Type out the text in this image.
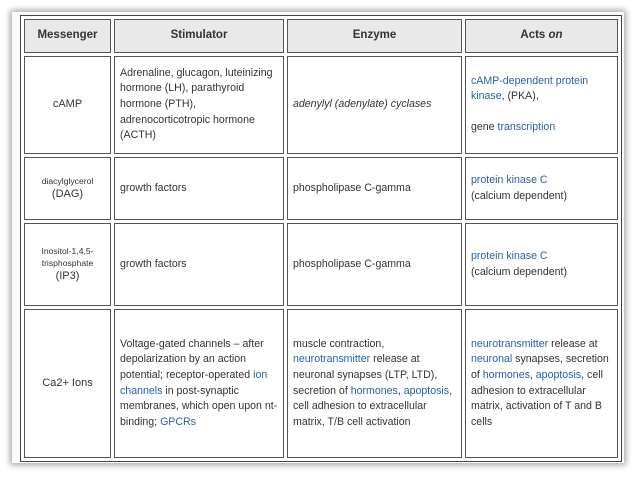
Messenger	Stimulator	Enzyme	Acts on

cAMP	Adrenaline, glucagon, luteinizing hormone (LH), parathyroid hormone (PTH), adrenocorticotropic hormone (ACTH)	adenylyl (adenylate) cyclases	cAMP-dependent protein kinase, (PKA),

gene transcription

diacylglycerol
(DAG)	growth factors	phospholipase C-gamma	protein kinase C
(calcium dependent)

Inositol-1,4,5-
trisphosphate
(IP3)	growth factors	phospholipase C-gamma	protein kinase C
(calcium dependent)

Ca2+ Ions	Voltage-gated channels – after depolarization by an action potential; receptor-operated ion channels in post-synaptic membranes, which open upon nt-binding; GPCRs	muscle contraction, neurotransmitter release at neuronal synapses (LTP, LTD), secretion of hormones, apoptosis, cell adhesion to extracellular matrix, T/B cell activation	neurotransmitter release at neuronal synapses, secretion of hormones, apoptosis, cell adhesion to extracellular matrix, activation of T and B cells
